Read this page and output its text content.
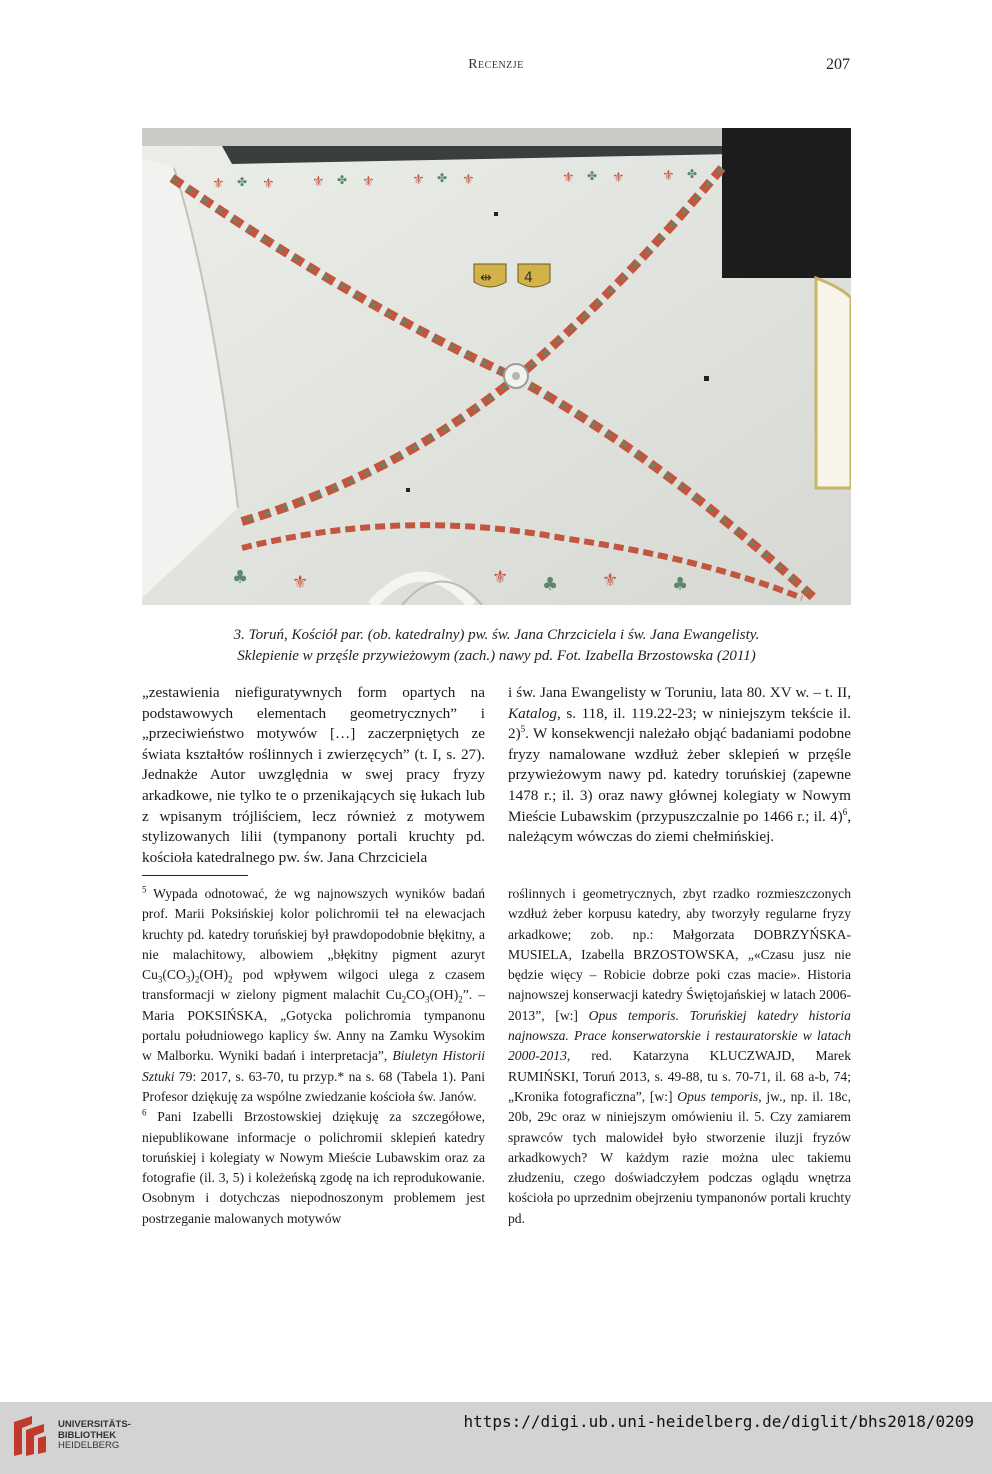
Recenzje	207
⇹ 4
⚜	⚜	⚜	⚜	⚜	⚜	⚜	⚜	⚜
✤	✤	✤	✤	✤
♣ ⚜	⚜ ♣ ⚜	♣
3. Toruń, Kościół par. (ob. katedralny) pw. św. Jana Chrzciciela i św. Jana Ewangelisty.
Sklepienie w przęśle przywieżowym (zach.) nawy pd. Fot. Izabella Brzostowska (2011)

„zestawienia niefiguratywnych form opartych na podstawowych elementach geometrycznych” i „przeciwieństwo motywów […] zaczerpniętych ze świata kształtów roślinnych i zwierzęcych” (t. I, s. 27). Jednakże Autor uwzględnia w swej pracy fryzy arkadkowe, nie tylko te o przenikających się łukach lub z wpisanym trójliściem, lecz również z motywem stylizowanych lilii (tympanony portali kruchty pd. kościoła katedralnego pw. św. Jana Chrzciciela

i św. Jana Ewangelisty w Toruniu, lata 80. XV w. – t. II, Katalog, s. 118, il. 119.22-23; w niniejszym tekście il. 2)$^5$. W konsekwencji należało objąć badaniami podobne fryzy namalowane wzdłuż żeber sklepień w przęśle przywieżowym nawy pd. katedry toruńskiej (zapewne 1478 r.; il. 3) oraz nawy głównej kolegiaty w Nowym Mieście Lubawskim (przypuszczalnie po 1466 r.; il. 4)$^6$, należącym wówczas do ziemi chełmińskiej.

$^5$ Wypada odnotować, że wg najnowszych wyników badań prof. Marii Poksińskiej kolor polichromii teł na elewacjach kruchty pd. katedry toruńskiej był prawdopodobnie błękitny, a nie malachitowy, albowiem „błękitny pigment azuryt $Cu_3(CO_3)_2(OH)_2$ pod wpływem wilgoci ulega z czasem transformacji w zielony pigment malachit $Cu_2CO_3(OH)_2$”. – Maria POKSIŃSKA, „Gotycka polichromia tympanonu portalu południowego kaplicy św. Anny na Zamku Wysokim w Malborku. Wyniki badań i interpretacja”, Biuletyn Historii Sztuki 79: 2017, s. 63-70, tu przyp.* na s. 68 (Tabela 1). Pani Profesor dziękuję za wspólne zwiedzanie kościoła św. Janów.

$^6$ Pani Izabelli Brzostowskiej dziękuję za szczegółowe, niepublikowane informacje o polichromii sklepień katedry toruńskiej i kolegiaty w Nowym Mieście Lubawskim oraz za fotografie (il. 3, 5) i koleżeńską zgodę na ich reprodukowanie. Osobnym i dotychczas niepodnoszonym problemem jest postrzeganie malowanych motywów

roślinnych i geometrycznych, zbyt rzadko rozmieszczonych wzdłuż żeber korpusu katedry, aby tworzyły regularne fryzy arkadkowe; zob. np.: Małgorzata DOBRZYŃSKA-MUSIELA, Izabella BRZOSTOWSKA, „«Czasu jusz nie będzie więcy – Robicie dobrze poki czas macie». Historia najnowszej konserwacji katedry Świętojańskiej w latach 2006-2013”, [w:] Opus temporis. Toruńskiej katedry historia najnowsza. Prace konserwatorskie i restauratorskie w latach 2000-2013, red. Katarzyna KLUCZWAJD, Marek RUMIŃSKI, Toruń 2013, s. 49-88, tu s. 70-71, il. 68 a-b, 74; „Kronika fotograficzna”, [w:] Opus temporis, jw., np. il. 18c, 20b, 29c oraz w niniejszym omówieniu il. 5. Czy zamiarem sprawców tych malowideł było stworzenie iluzji fryzów arkadkowych? W każdym razie można ulec takiemu złudzeniu, czego doświadczyłem podczas oglądu wnętrza kościoła po uprzednim obejrzeniu tympanonów portali kruchty pd.

UNIVERSITÄTS-
BIBLIOTHEK
HEIDELBERG
https://digi.ub.uni-heidelberg.de/diglit/bhs2018/0209
